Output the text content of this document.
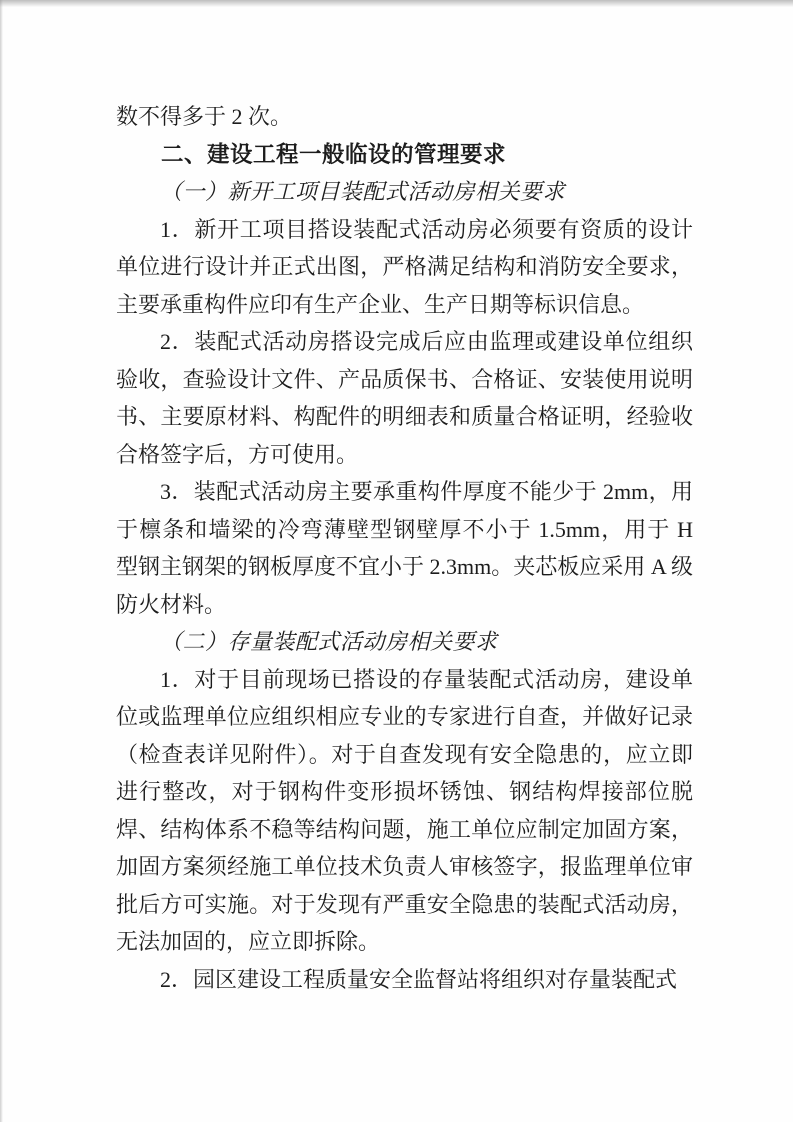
数不得多于 2 次。

二、建设工程一般临设的管理要求
（一）新开工项目装配式活动房相关要求

1．新开工项目搭设装配式活动房必须要有资质的设计单位进行设计并正式出图，严格满足结构和消防安全要求，主要承重构件应印有生产企业、生产日期等标识信息。

2．装配式活动房搭设完成后应由监理或建设单位组织验收，查验设计文件、产品质保书、合格证、安装使用说明书、主要原材料、构配件的明细表和质量合格证明，经验收合格签字后，方可使用。

3．装配式活动房主要承重构件厚度不能少于 2mm，用于檩条和墙梁的冷弯薄壁型钢壁厚不小于 1.5mm，用于 H 型钢主钢架的钢板厚度不宜小于 2.3mm。夹芯板应采用 A 级防火材料。

（二）存量装配式活动房相关要求

1．对于目前现场已搭设的存量装配式活动房，建设单位或监理单位应组织相应专业的专家进行自查，并做好记录（检查表详见附件）。对于自查发现有安全隐患的，应立即进行整改，对于钢构件变形损坏锈蚀、钢结构焊接部位脱焊、结构体系不稳等结构问题，施工单位应制定加固方案，加固方案须经施工单位技术负责人审核签字，报监理单位审批后方可实施。对于发现有严重安全隐患的装配式活动房，无法加固的，应立即拆除。

2．园区建设工程质量安全监督站将组织对存量装配式
